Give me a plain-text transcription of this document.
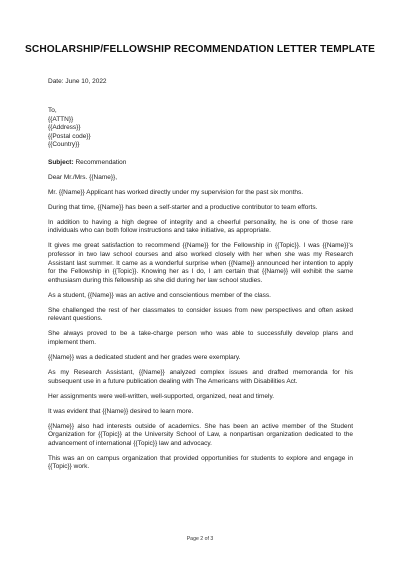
SCHOLARSHIP/FELLOWSHIP RECOMMENDATION LETTER TEMPLATE

Date: June 10, 2022

To,
{{ATTN}}
{{Address}}
{{Postal code}}
{{Country}}

Subject: Recommendation

Dear Mr./Mrs. {{Name}},

Mr. {{Name}} Applicant has worked directly under my supervision for the past six months.

During that time, {{Name}} has been a self-starter and a productive contributor to team efforts.

In addition to having a high degree of integrity and a cheerful personality, he is one of those rare individuals who can both follow instructions and take initiative, as appropriate.

It gives me great satisfaction to recommend {{Name}} for the Fellowship in {{Topic}}. I was {{Name}}'s professor in two law school courses and also worked closely with her when she was my Research Assistant last summer. It came as a wonderful surprise when {{Name}} announced her intention to apply for the Fellowship in {{Topic}}. Knowing her as I do, I am certain that {{Name}} will exhibit the same enthusiasm during this fellowship as she did during her law school studies.

As a student, {{Name}} was an active and conscientious member of the class.

She challenged the rest of her classmates to consider issues from new perspectives and often asked relevant questions.

She always proved to be a take-charge person who was able to successfully develop plans and implement them.

{{Name}} was a dedicated student and her grades were exemplary.

As my Research Assistant, {{Name}} analyzed complex issues and drafted memoranda for his subsequent use in a future publication dealing with The Americans with Disabilities Act.

Her assignments were well-written, well-supported, organized, neat and timely.

It was evident that {{Name}} desired to learn more.

{{Name}} also had interests outside of academics. She has been an active member of the Student Organization for {{Topic}} at the University School of Law, a nonpartisan organization dedicated to the advancement of international {{Topic}} law and advocacy.

This was an on campus organization that provided opportunities for students to explore and engage in {{Topic}} work.

Page 2 of 3
